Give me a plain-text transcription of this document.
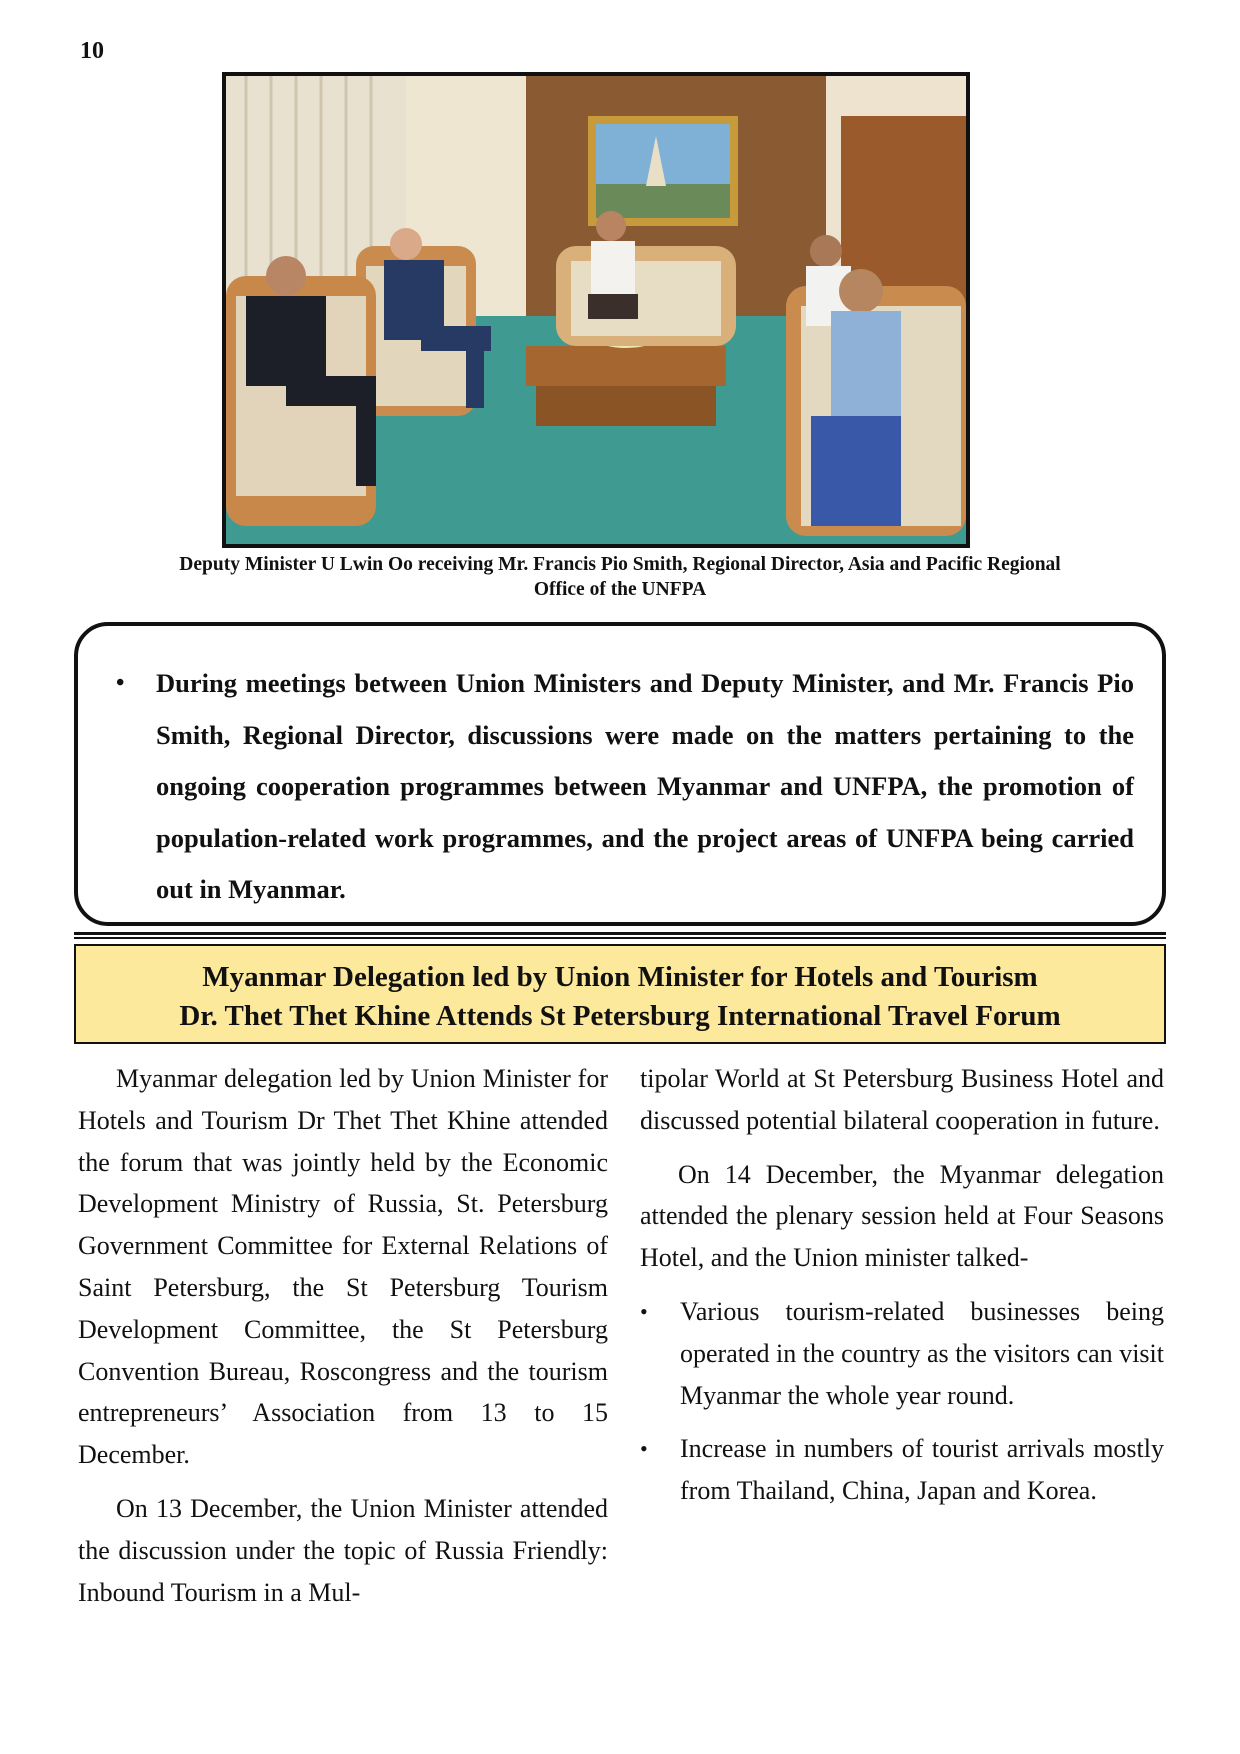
10
Deputy Minister U Lwin Oo receiving Mr. Francis Pio Smith, Regional Director, Asia and Pacific Regional
Office of the UNFPA
• During meetings between Union Ministers and Deputy Minister, and Mr. Francis Pio Smith, Regional Director, discussions were made on the matters pertaining to the ongoing cooperation programmes between Myanmar and UNFPA, the promotion of population-related work programmes, and the project areas of UNFPA being carried out in Myanmar.
Myanmar Delegation led by Union Minister for Hotels and Tourism
Dr. Thet Thet Khine Attends St Petersburg International Travel Forum

Myanmar delegation led by Union Minister for Hotels and Tourism Dr Thet Thet Khine attended the forum that was jointly held by the Economic Development Ministry of Russia, St. Petersburg Government Committee for External Relations of Saint Petersburg, the St Petersburg Tourism Development Committee, the St Petersburg Convention Bureau, Roscongress and the tourism entrepreneurs’ Association from 13 to 15 December.

On 13 December, the Union Minister attended the discussion under the topic of Russia Friendly: Inbound Tourism in a Mul-

tipolar World at St Petersburg Business Hotel and discussed potential bilateral cooperation in future.

On 14 December, the Myanmar delegation attended the plenary session held at Four Seasons Hotel, and the Union minister talked-

• Various tourism-related businesses being operated in the country as the visitors can visit Myanmar the whole year round.
• Increase in numbers of tourist arrivals mostly from Thailand, China, Japan and Korea.
